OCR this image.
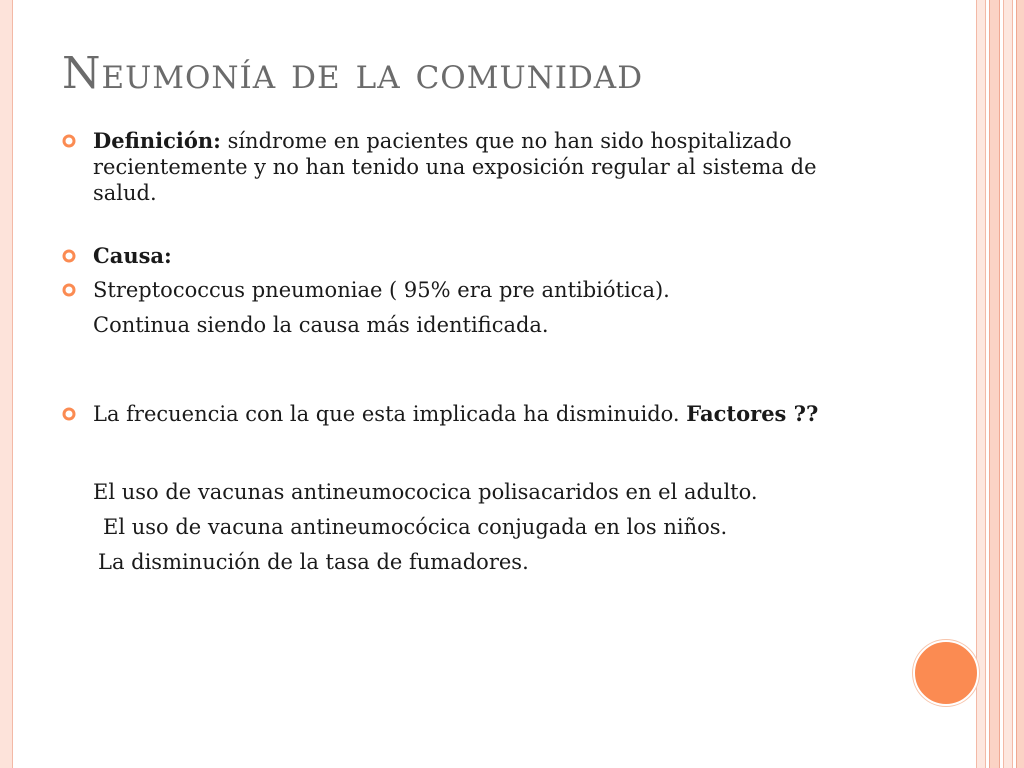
Neumonía de la comunidad
Definición: síndrome en pacientes que no han sido hospitalizado recientemente y no han tenido una exposición regular al sistema de salud.
Causa:
Streptococcus pneumoniae ( 95% era pre antibiótica).
Continua siendo la causa más identificada.
La frecuencia con la que esta implicada ha disminuido. Factores ??
El uso de vacunas antineumococica polisacaridos en el adulto.
El uso de vacuna antineumocócica conjugada en los niños.
La disminución de la tasa de fumadores.
